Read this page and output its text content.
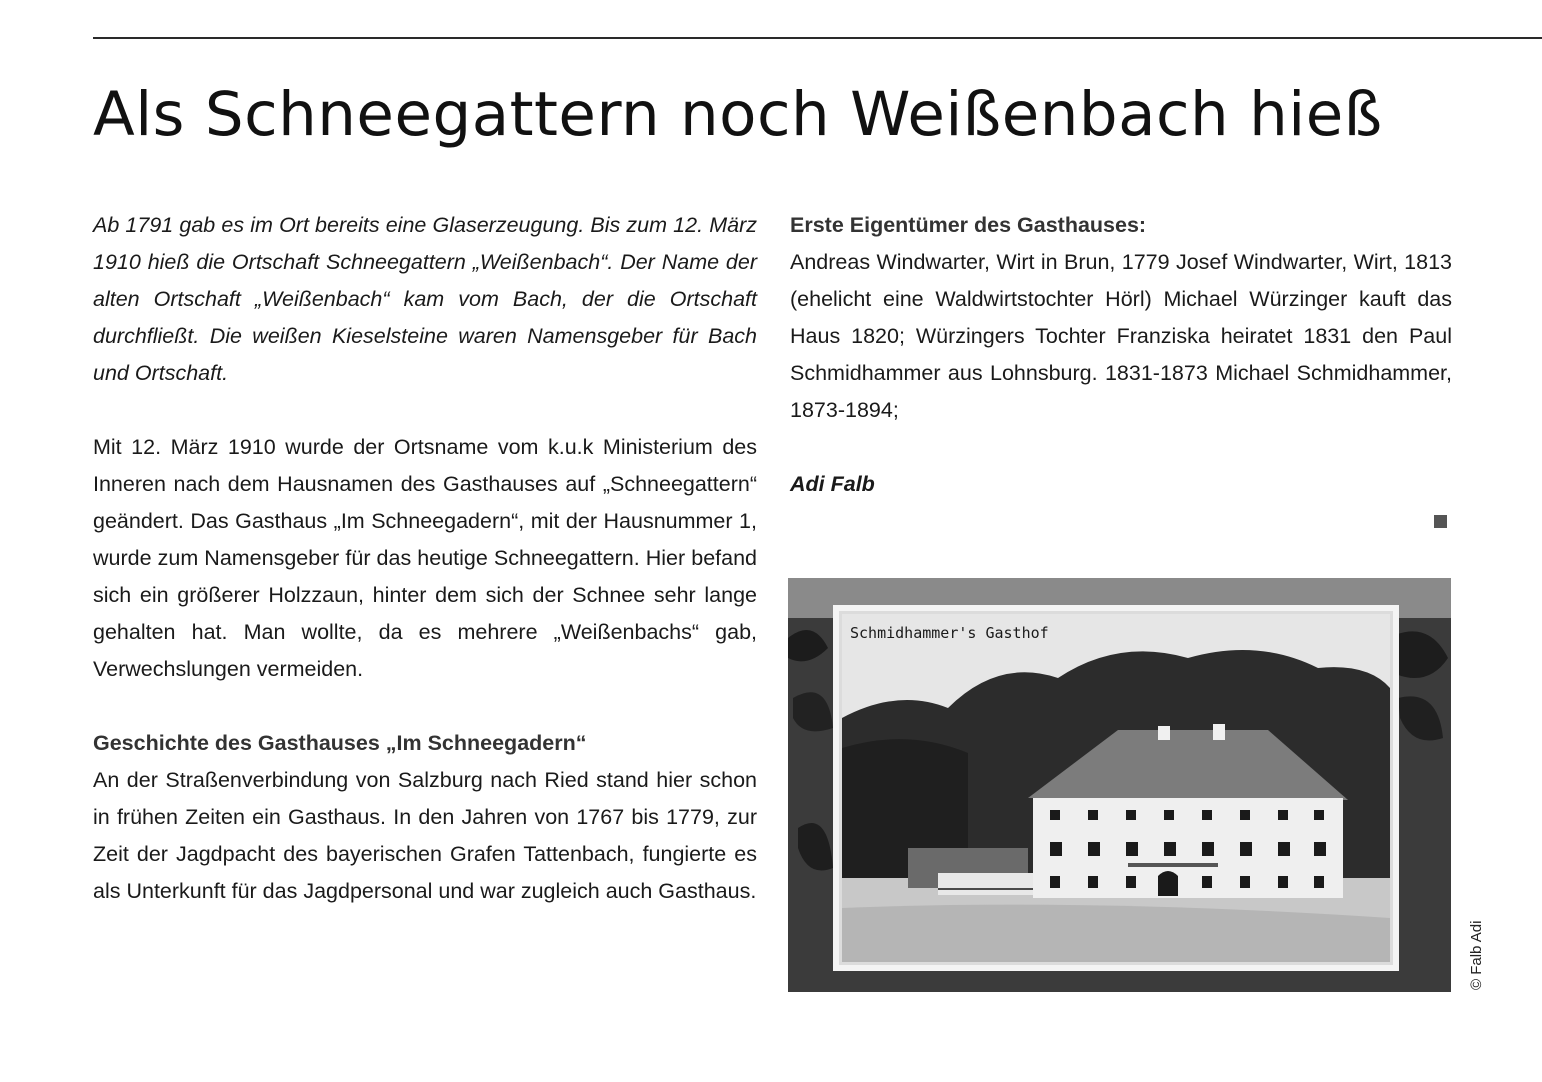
Als Schneegattern noch Weißenbach hieß

Ab 1791 gab es im Ort bereits eine Glaserzeugung. Bis zum 12. März 1910 hieß die Ortschaft Schneegattern „Weißenbach“. Der Name der alten Ortschaft „Weißenbach“ kam vom Bach, der die Ortschaft durchfließt. Die weißen Kieselsteine waren Namensgeber für Bach und Ortschaft.

Mit 12. März 1910 wurde der Ortsname vom k.u.k Ministerium des Inneren nach dem Hausnamen des Gasthauses auf „Schneegattern“ geändert. Das Gasthaus „Im Schneegadern“, mit der Hausnummer 1, wurde zum Namensgeber für das heutige Schneegattern. Hier befand sich ein größerer Holzzaun, hinter dem sich der Schnee sehr lange gehalten hat. Man wollte, da es mehrere „Weißenbachs“ gab, Verwechslungen vermeiden.

Geschichte des Gasthauses „Im Schneegadern“

An der Straßenverbindung von Salzburg nach Ried stand hier schon in frühen Zeiten ein Gasthaus. In den Jahren von 1767 bis 1779, zur Zeit der Jagdpacht des bayerischen Grafen Tattenbach, fungierte es als Unterkunft für das Jagdpersonal und war zugleich auch Gasthaus.

Erste Eigentümer des Gasthauses:

Andreas Windwarter, Wirt in Brun, 1779 Josef Windwarter, Wirt, 1813 (ehelicht eine Waldwirtstochter Hörl) Michael Würzinger kauft das Haus 1820; Würzingers Tochter Franziska heiratet 1831 den Paul Schmidhammer aus Lohnsburg. 1831-1873 Michael Schmidhammer, 1873-1894;

Adi Falb

Schmidhammer's Gasthof
© Falb Adi
